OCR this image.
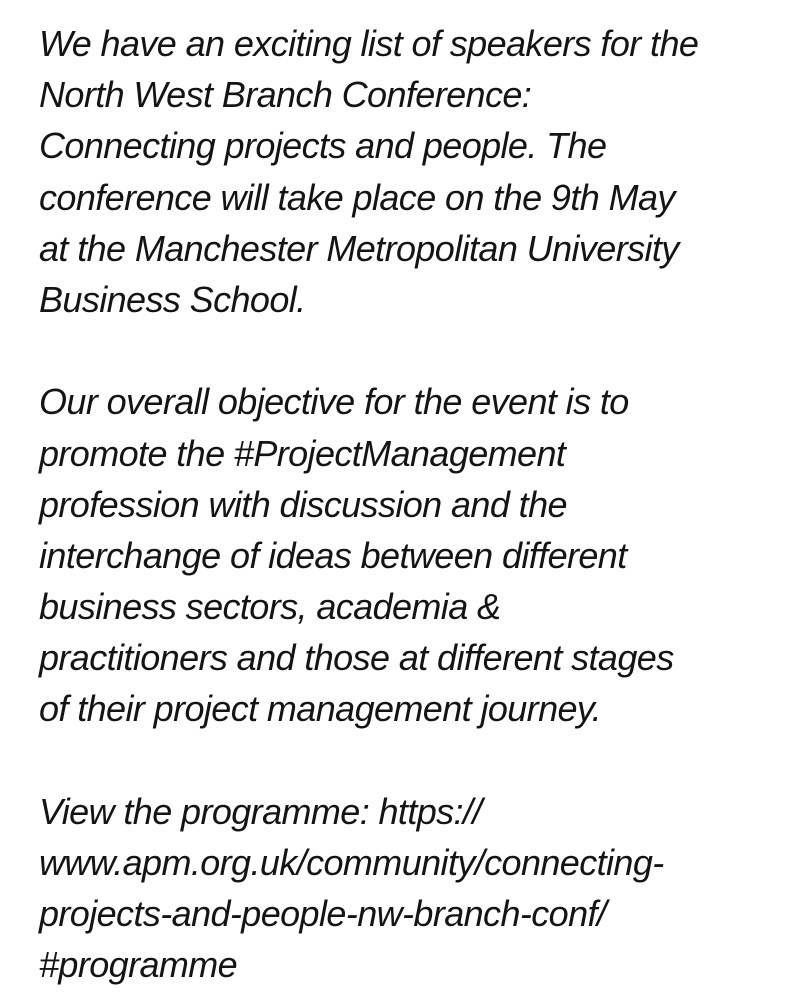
We have an exciting list of speakers for the
North West Branch Conference:
Connecting projects and people. The
conference will take place on the 9th May
at the Manchester Metropolitan University
Business School.
Our overall objective for the event is to
promote the #ProjectManagement
profession with discussion and the
interchange of ideas between different
business sectors, academia &
practitioners and those at different stages
of their project management journey.
View the programme: https://
www.apm.org.uk/community/connecting-
projects-and-people-nw-branch-conf/
#programme
